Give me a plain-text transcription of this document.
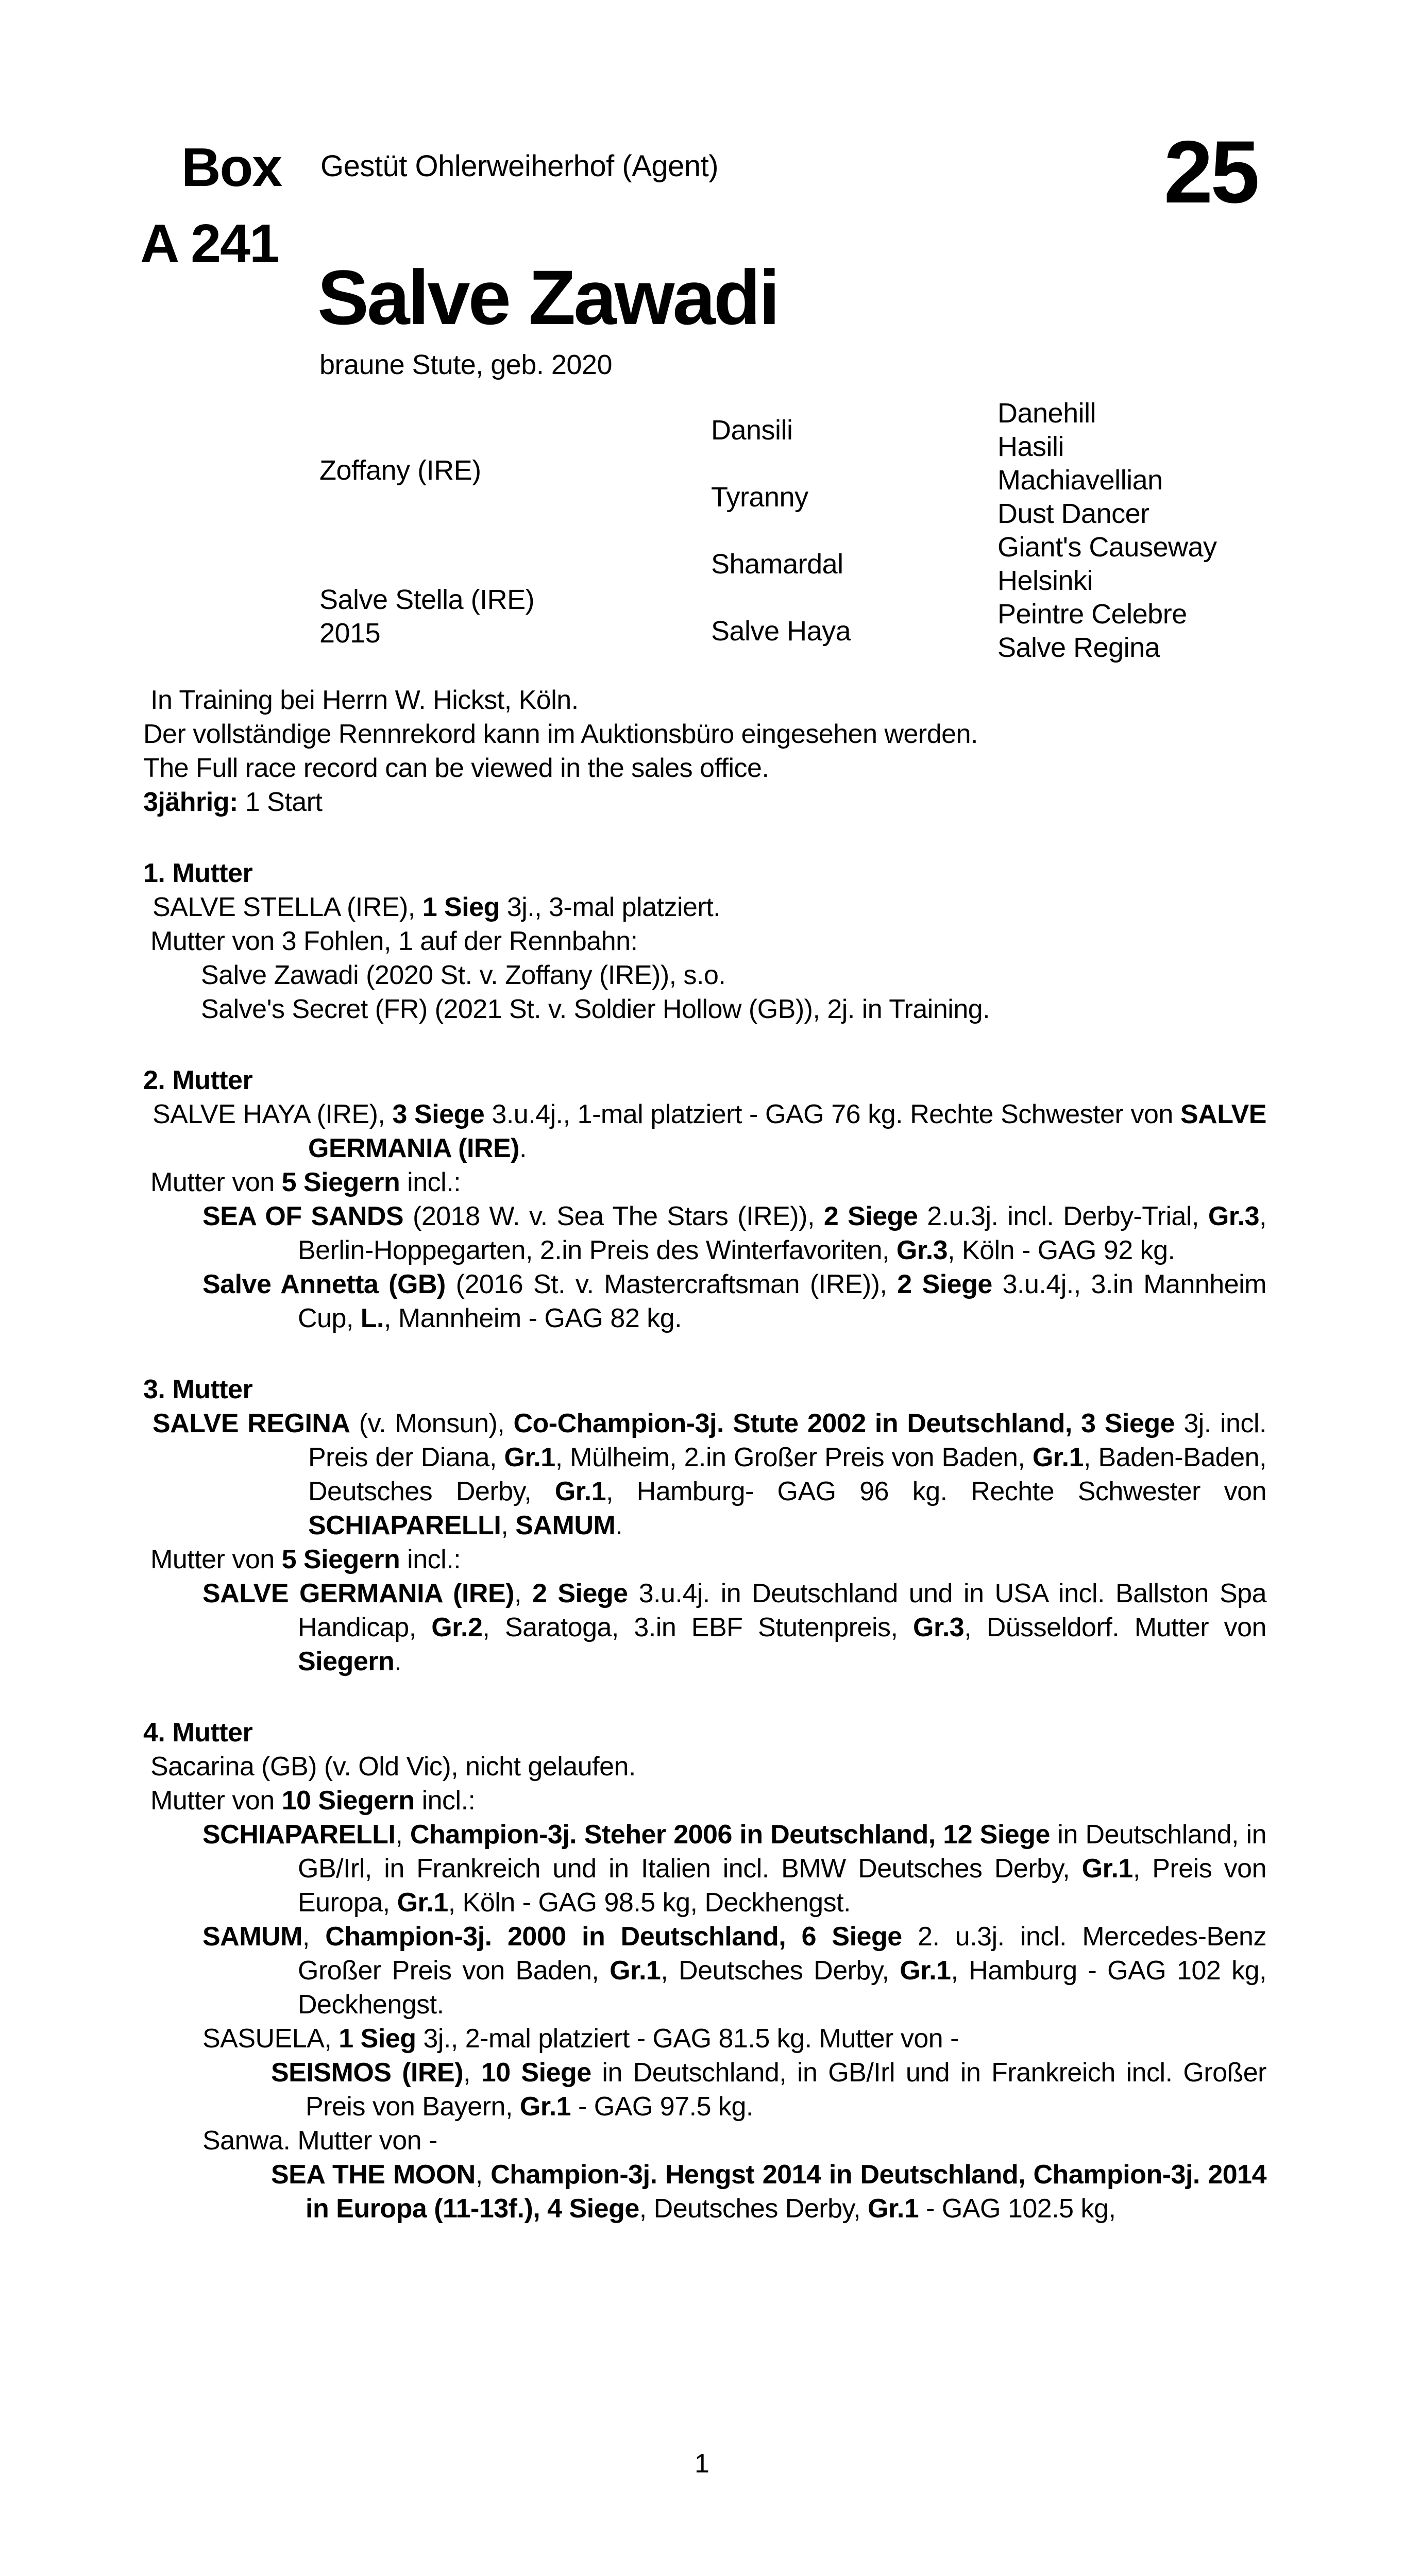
Box
A 241
Gestüt Ohlerweiherhof (Agent)	25
Salve Zawadi
braune Stute, geb. 2020
Zoffany (IRE)
Salve Stella (IRE)
2015
Dansili
Tyranny
Shamardal
Salve Haya
Danehill
Hasili
Machiavellian
Dust Dancer
Giant's Causeway
Helsinki
Peintre Celebre
Salve Regina

In Training bei Herrn W. Hickst, Köln.

Der vollständige Rennrekord kann im Auktionsbüro eingesehen werden.

The Full race record can be viewed in the sales office.

3jährig: 1 Start

1. Mutter

SALVE STELLA (IRE), 1 Sieg 3j., 3-mal platziert.

Mutter von 3 Fohlen, 1 auf der Rennbahn:

Salve Zawadi (2020 St. v. Zoffany (IRE)), s.o.

Salve's Secret (FR) (2021 St. v. Soldier Hollow (GB)), 2j. in Training.

2. Mutter

SALVE HAYA (IRE), 3 Siege 3.u.4j., 1-mal platziert - GAG 76 kg. Rechte Schwester von SALVE GERMANIA (IRE).

Mutter von 5 Siegern incl.:

SEA OF SANDS (2018 W. v. Sea The Stars (IRE)), 2 Siege 2.u.3j. incl. Derby-Trial, Gr.3, Berlin-Hoppegarten, 2.in Preis des Winterfavoriten, Gr.3, Köln - GAG 92 kg.

Salve Annetta (GB) (2016 St. v. Mastercraftsman (IRE)), 2 Siege 3.u.4j., 3.in Mannheim Cup, L., Mannheim - GAG 82 kg.

3. Mutter

SALVE REGINA (v. Monsun), Co-Champion-3j. Stute 2002 in Deutschland, 3 Siege 3j. incl. Preis der Diana, Gr.1, Mülheim, 2.in Großer Preis von Baden, Gr.1, Baden-Baden, Deutsches Derby, Gr.1, Hamburg- GAG 96 kg. Rechte Schwester von SCHIAPARELLI, SAMUM.

Mutter von 5 Siegern incl.:

SALVE GERMANIA (IRE), 2 Siege 3.u.4j. in Deutschland und in USA incl. Ballston Spa Handicap, Gr.2, Saratoga, 3.in EBF Stutenpreis, Gr.3, Düsseldorf. Mutter von Siegern.

4. Mutter

Sacarina (GB) (v. Old Vic), nicht gelaufen.

Mutter von 10 Siegern incl.:

SCHIAPARELLI, Champion-3j. Steher 2006 in Deutschland, 12 Siege in Deutschland, in GB/Irl, in Frankreich und in Italien incl. BMW Deutsches Derby, Gr.1, Preis von Europa, Gr.1, Köln - GAG 98.5 kg, Deckhengst.

SAMUM, Champion-3j. 2000 in Deutschland, 6 Siege 2. u.3j. incl. Mercedes-Benz Großer Preis von Baden, Gr.1, Deutsches Derby, Gr.1, Hamburg - GAG 102 kg, Deckhengst.

SASUELA, 1 Sieg 3j., 2-mal platziert - GAG 81.5 kg. Mutter von -

SEISMOS (IRE), 10 Siege in Deutschland, in GB/Irl und in Frankreich incl. Großer Preis von Bayern, Gr.1 - GAG 97.5 kg.

Sanwa. Mutter von -

SEA THE MOON, Champion-3j. Hengst 2014 in Deutschland, Champion-3j. 2014 in Europa (11-13f.), 4 Siege, Deutsches Derby, Gr.1 - GAG 102.5 kg,

1
